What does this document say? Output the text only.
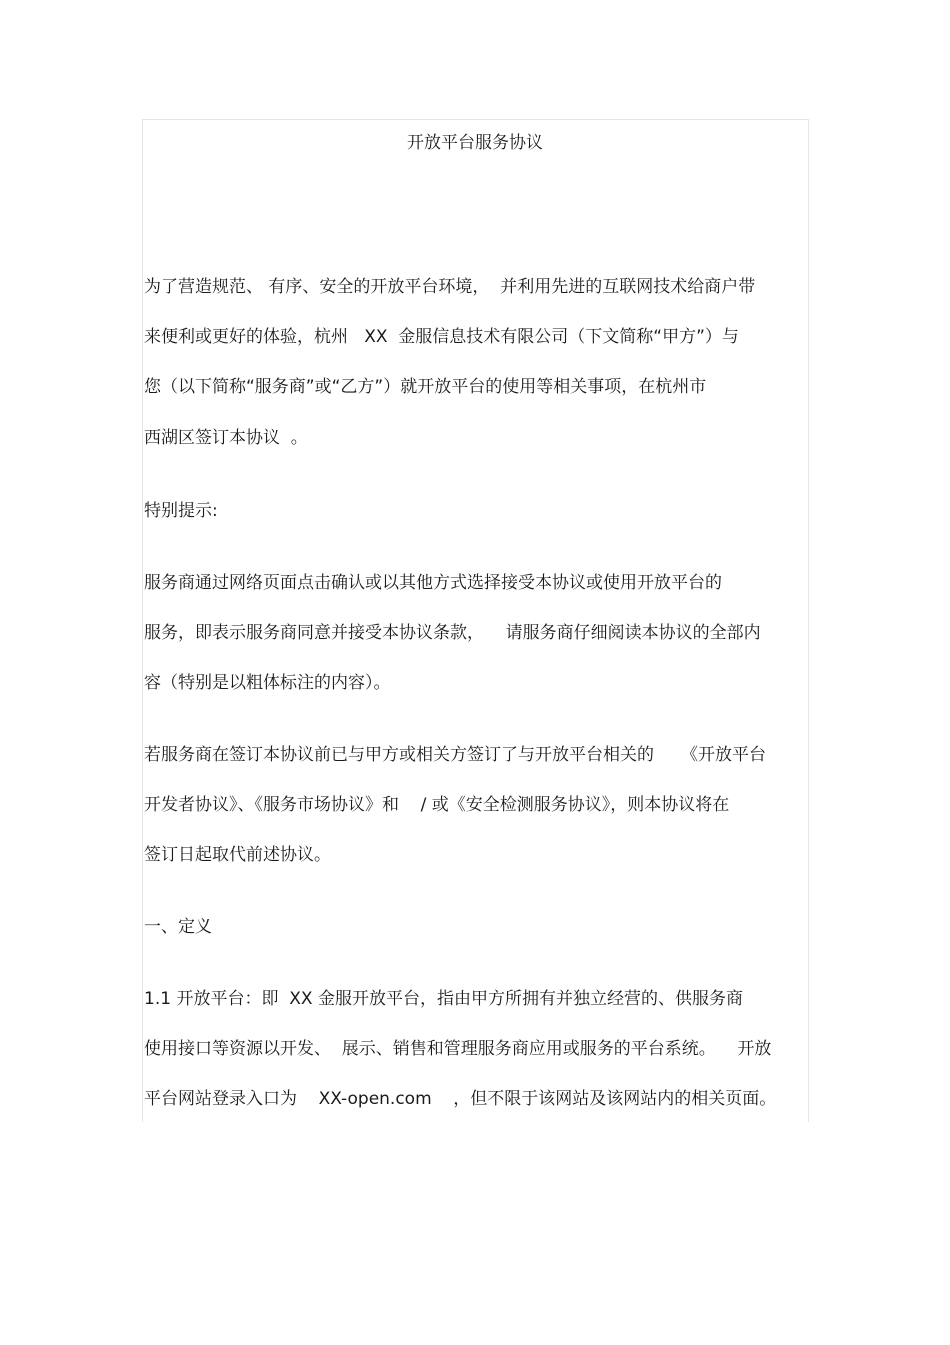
开放平台服务协议
为了营造规范、 有序、安全的开放平台环境，  并利用先进的互联网技术给商户带
来便利或更好的体验，杭州   XX  金服信息技术有限公司（下文简称“甲方”）与
您（以下简称“服务商”或“乙方”）就开放平台的使用等相关事项，在杭州市
西湖区签订本协议  。
特别提示:
服务商通过网络页面点击确认或以其他方式选择接受本协议或使用开放平台的
服务，即表示服务商同意并接受本协议条款，    请服务商仔细阅读本协议的全部内
容（特别是以粗体标注的内容）。
若服务商在签订本协议前已与甲方或相关方签订了与开放平台相关的     《开放平台
开发者协议》、《服务市场协议》和    / 或《安全检测服务协议》，则本协议将在
签订日起取代前述协议。
一、定义
1.1 开放平台：即  XX 金服开放平台，指由甲方所拥有并独立经营的、供服务商
使用接口等资源以开发、  展示、销售和管理服务商应用或服务的平台系统。    开放
平台网站登录入口为    XX-open.com    ，但不限于该网站及该网站内的相关页面。
